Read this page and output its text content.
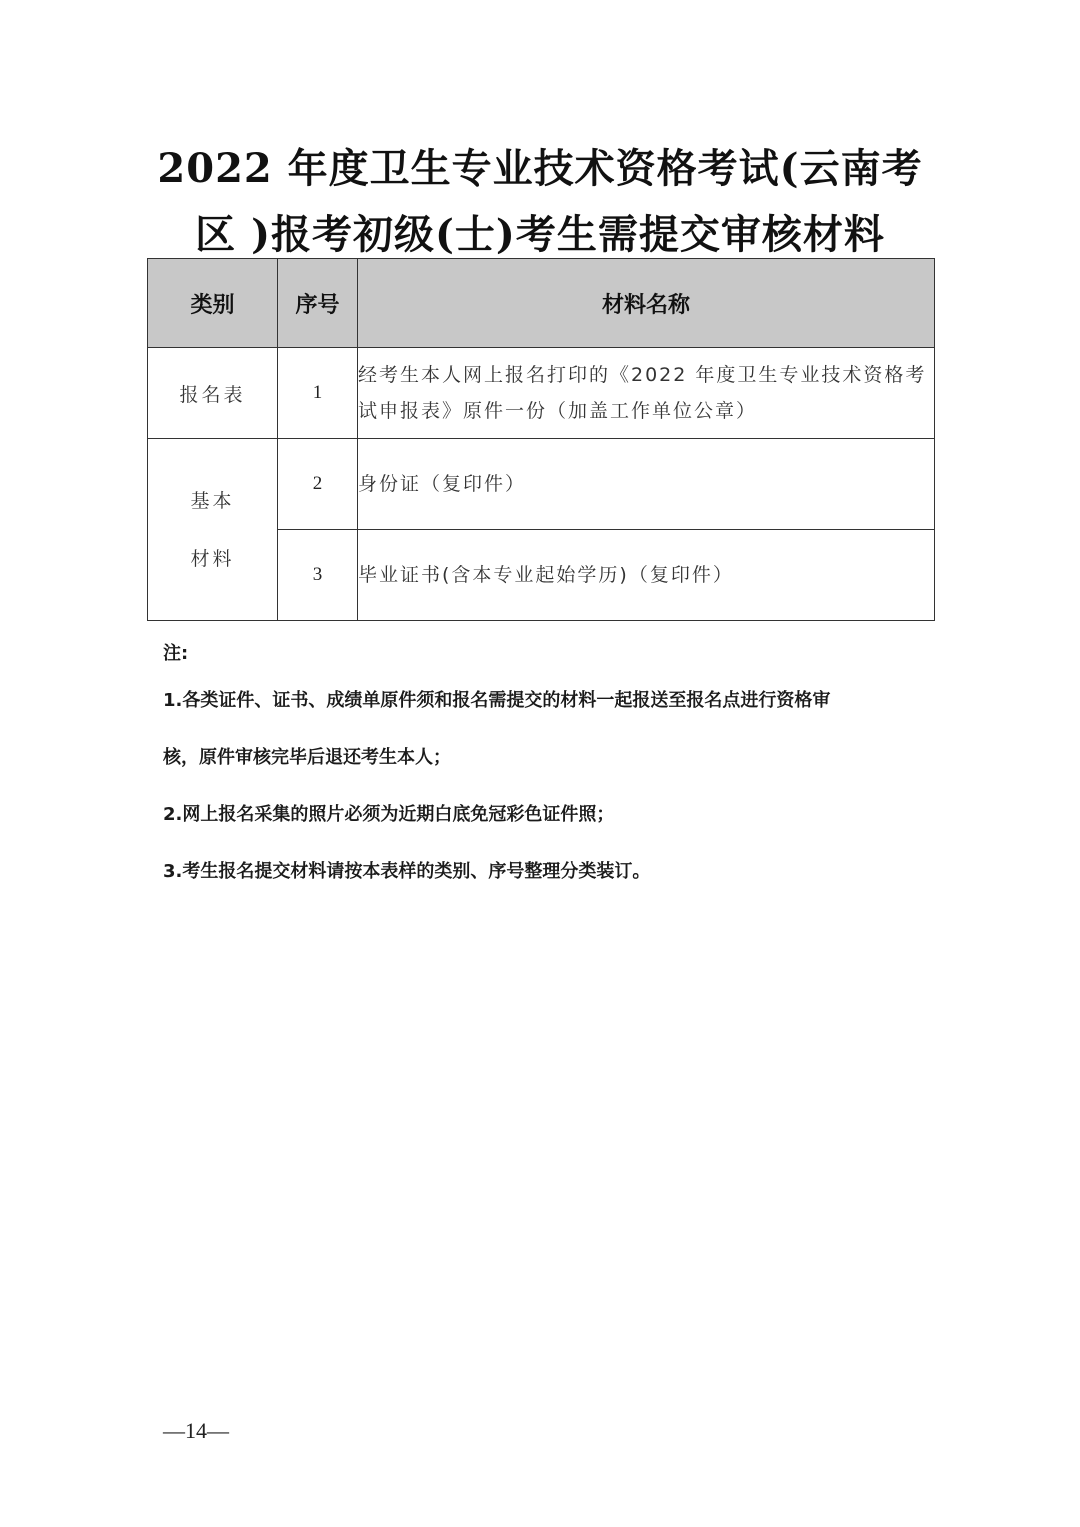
2022 年度卫生专业技术资格考试(云南考
区 )报考初级(士)考生需提交审核材料
类别	序号	材料名称
报名表	1	经考生本人网上报名打印的《2022 年度卫生专业技术资格考试申报表》原件一份（加盖工作单位公章）

基本
材料	2	身份证（复印件）
	3	毕业证书(含本专业起始学历)（复印件）

注:

1.各类证件、证书、成绩单原件须和报名需提交的材料一起报送至报名点进行资格审

核，原件审核完毕后退还考生本人；

2.网上报名采集的照片必须为近期白底免冠彩色证件照；

3.考生报名提交材料请按本表样的类别、序号整理分类装订。

—14—
